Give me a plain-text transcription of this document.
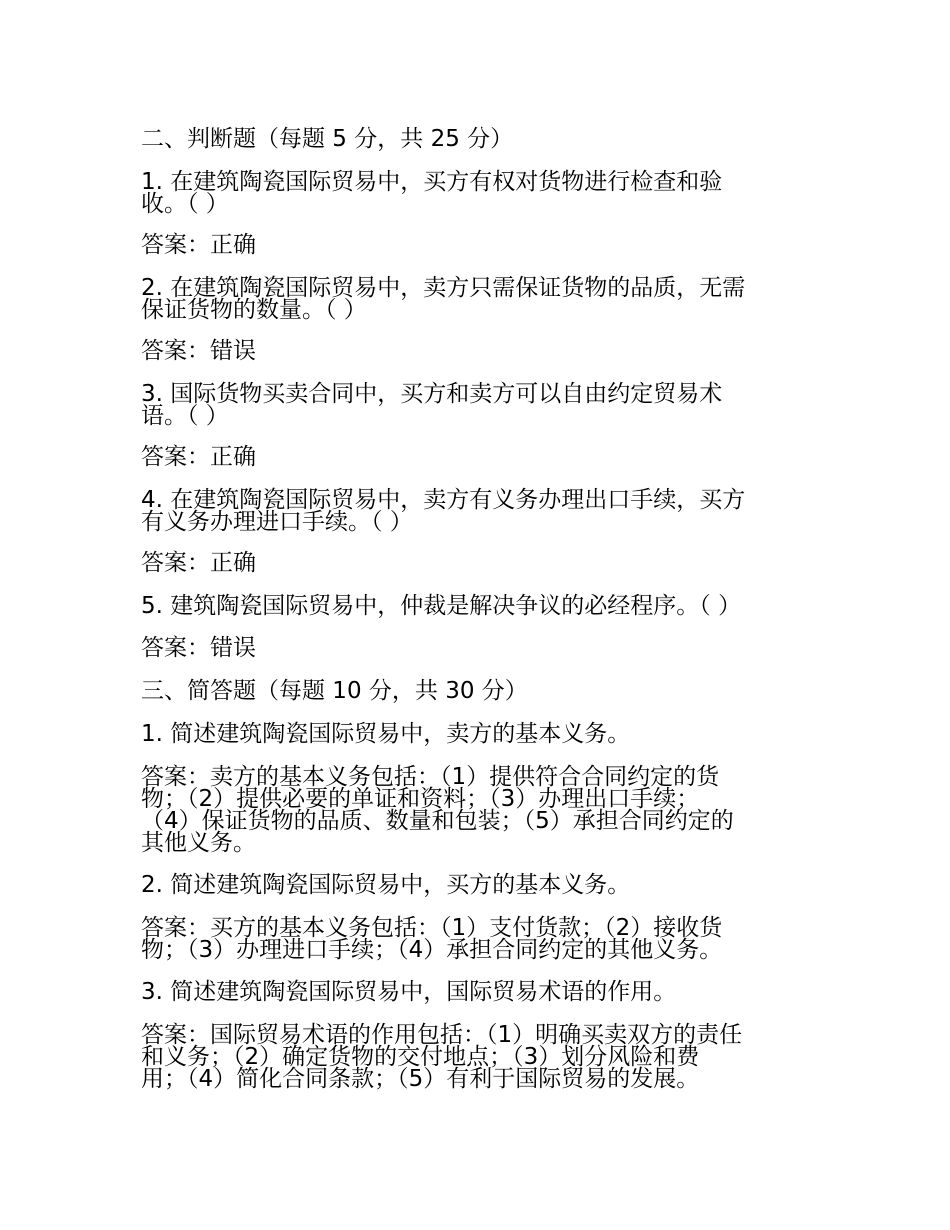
二、判断题（每题 5 分，共 25 分）

1. 在建筑陶瓷国际贸易中，买方有权对货物进行检查和验

收。（ ）

答案：正确

2. 在建筑陶瓷国际贸易中，卖方只需保证货物的品质，无需

保证货物的数量。（ ）

答案：错误

3. 国际货物买卖合同中，买方和卖方可以自由约定贸易术

语。（ ）

答案：正确

4. 在建筑陶瓷国际贸易中，卖方有义务办理出口手续，买方

有义务办理进口手续。（ ）

答案：正确

5. 建筑陶瓷国际贸易中，仲裁是解决争议的必经程序。（ ）

答案：错误

三、简答题（每题 10 分，共 30 分）

1. 简述建筑陶瓷国际贸易中，卖方的基本义务。

答案：卖方的基本义务包括：（1）提供符合合同约定的货

物；（2）提供必要的单证和资料；（3）办理出口手续；

（4）保证货物的品质、数量和包装；（5）承担合同约定的

其他义务。

2. 简述建筑陶瓷国际贸易中，买方的基本义务。

答案：买方的基本义务包括：（1）支付货款；（2）接收货

物；（3）办理进口手续；（4）承担合同约定的其他义务。

3. 简述建筑陶瓷国际贸易中，国际贸易术语的作用。

答案：国际贸易术语的作用包括：（1）明确买卖双方的责任

和义务；（2）确定货物的交付地点；（3）划分风险和费

用；（4）简化合同条款；（5）有利于国际贸易的发展。
